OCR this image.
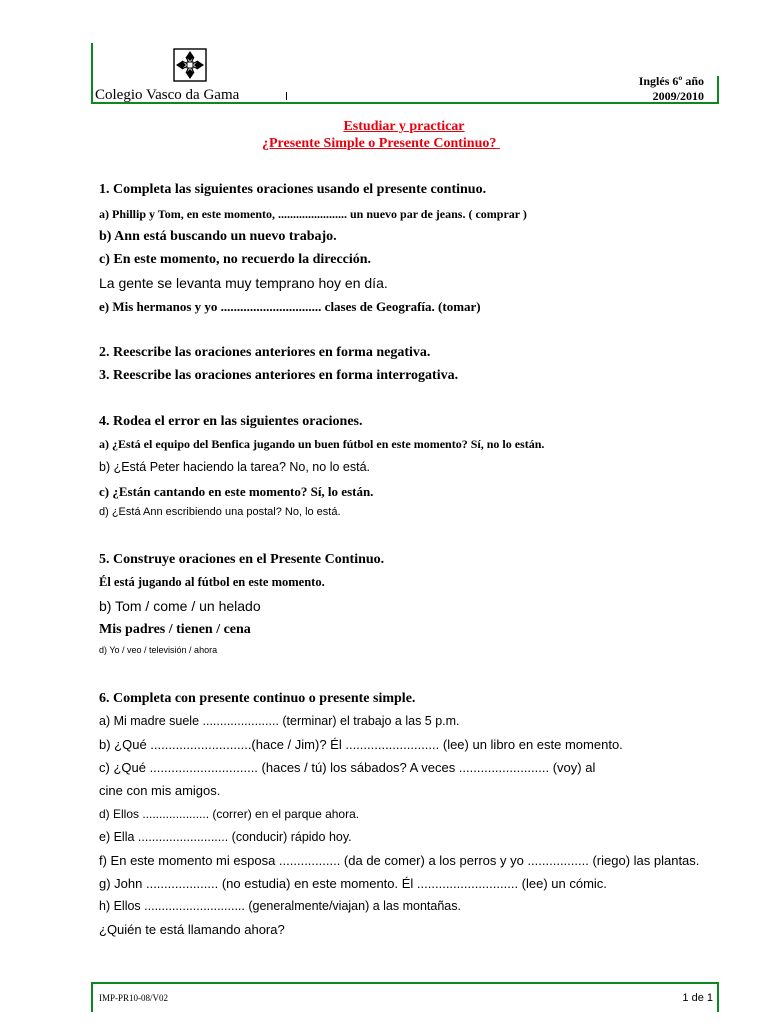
Colegio Vasco da Gama
Inglés 6º año
2009/2010
Estudiar y practicar
¿Presente Simple o Presente Continuo?
1. Completa las siguientes oraciones usando el presente continuo.
a) Phillip y Tom, en este momento, ....................... un nuevo par de jeans. ( comprar )
b) Ann está buscando un nuevo trabajo.
c) En este momento, no recuerdo la dirección.
La gente se levanta muy temprano hoy en día.
e) Mis hermanos y yo ............................... clases de Geografía. (tomar)
2. Reescribe las oraciones anteriores en forma negativa.
3. Reescribe las oraciones anteriores en forma interrogativa.
4. Rodea el error en las siguientes oraciones.
a) ¿Está el equipo del Benfica jugando un buen fútbol en este momento? Sí, no lo están.
b) ¿Está Peter haciendo la tarea? No, no lo está.
c) ¿Están cantando en este momento? Sí, lo están.
d) ¿Está Ann escribiendo una postal? No, lo está.
5. Construye oraciones en el Presente Continuo.
Él está jugando al fútbol en este momento.
b) Tom / come / un helado
Mis padres / tienen / cena
d) Yo / veo / televisión / ahora
6. Completa con presente continuo o presente simple.
a) Mi madre suele ...................... (terminar) el trabajo a las 5 p.m.
b) ¿Qué ............................(hace / Jim)? Él .......................... (lee) un libro en este momento.
c) ¿Qué .............................. (haces / tú) los sábados? A veces ......................... (voy) al
cine con mis amigos.
d) Ellos .................... (correr) en el parque ahora.
e) Ella .......................... (conducir) rápido hoy.
f) En este momento mi esposa ................. (da de comer) a los perros y yo ................. (riego) las plantas.
g) John .................... (no estudia) en este momento. Él ............................ (lee) un cómic.
h) Ellos ............................. (generalmente/viajan) a las montañas.
¿Quién te está llamando ahora?
IMP-PR10-08/V02	1 de 1
